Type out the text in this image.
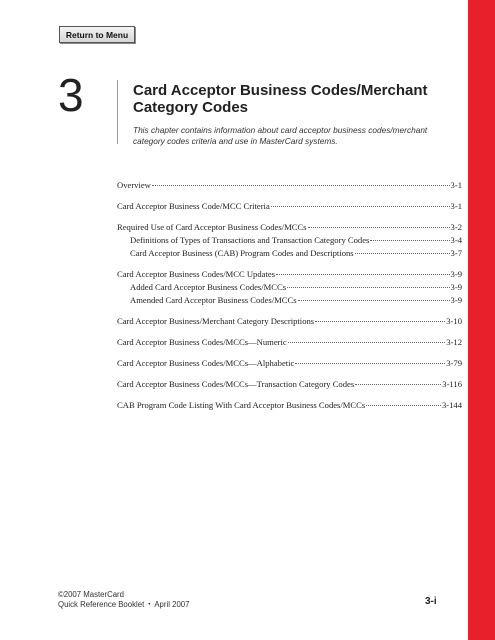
Return to Menu
3	Card Acceptor Business Codes/Merchant
Category Codes
This chapter contains information about card acceptor business codes/merchant category codes criteria and use in MasterCard systems.
Overview	3-1
Card Acceptor Business Code/MCC Criteria	3-1
Required Use of Card Acceptor Business Codes/MCCs	3-2
Definitions of Types of Transactions and Transaction Category Codes	3-4
Card Acceptor Business (CAB) Program Codes and Descriptions	3-7
Card Acceptor Business Codes/MCC Updates	3-9
Added Card Acceptor Business Codes/MCCs	3-9
Amended Card Acceptor Business Codes/MCCs	3-9
Card Acceptor Business/Merchant Category Descriptions	3-10
Card Acceptor Business Codes/MCCs—Numeric	3-12
Card Acceptor Business Codes/MCCs—Alphabetic	3-79
Card Acceptor Business Codes/MCCs—Transaction Category Codes	3-116
CAB Program Code Listing With Card Acceptor Business Codes/MCCs	3-144
©2007 MasterCard
Quick Reference Booklet • April 2007	3-i
